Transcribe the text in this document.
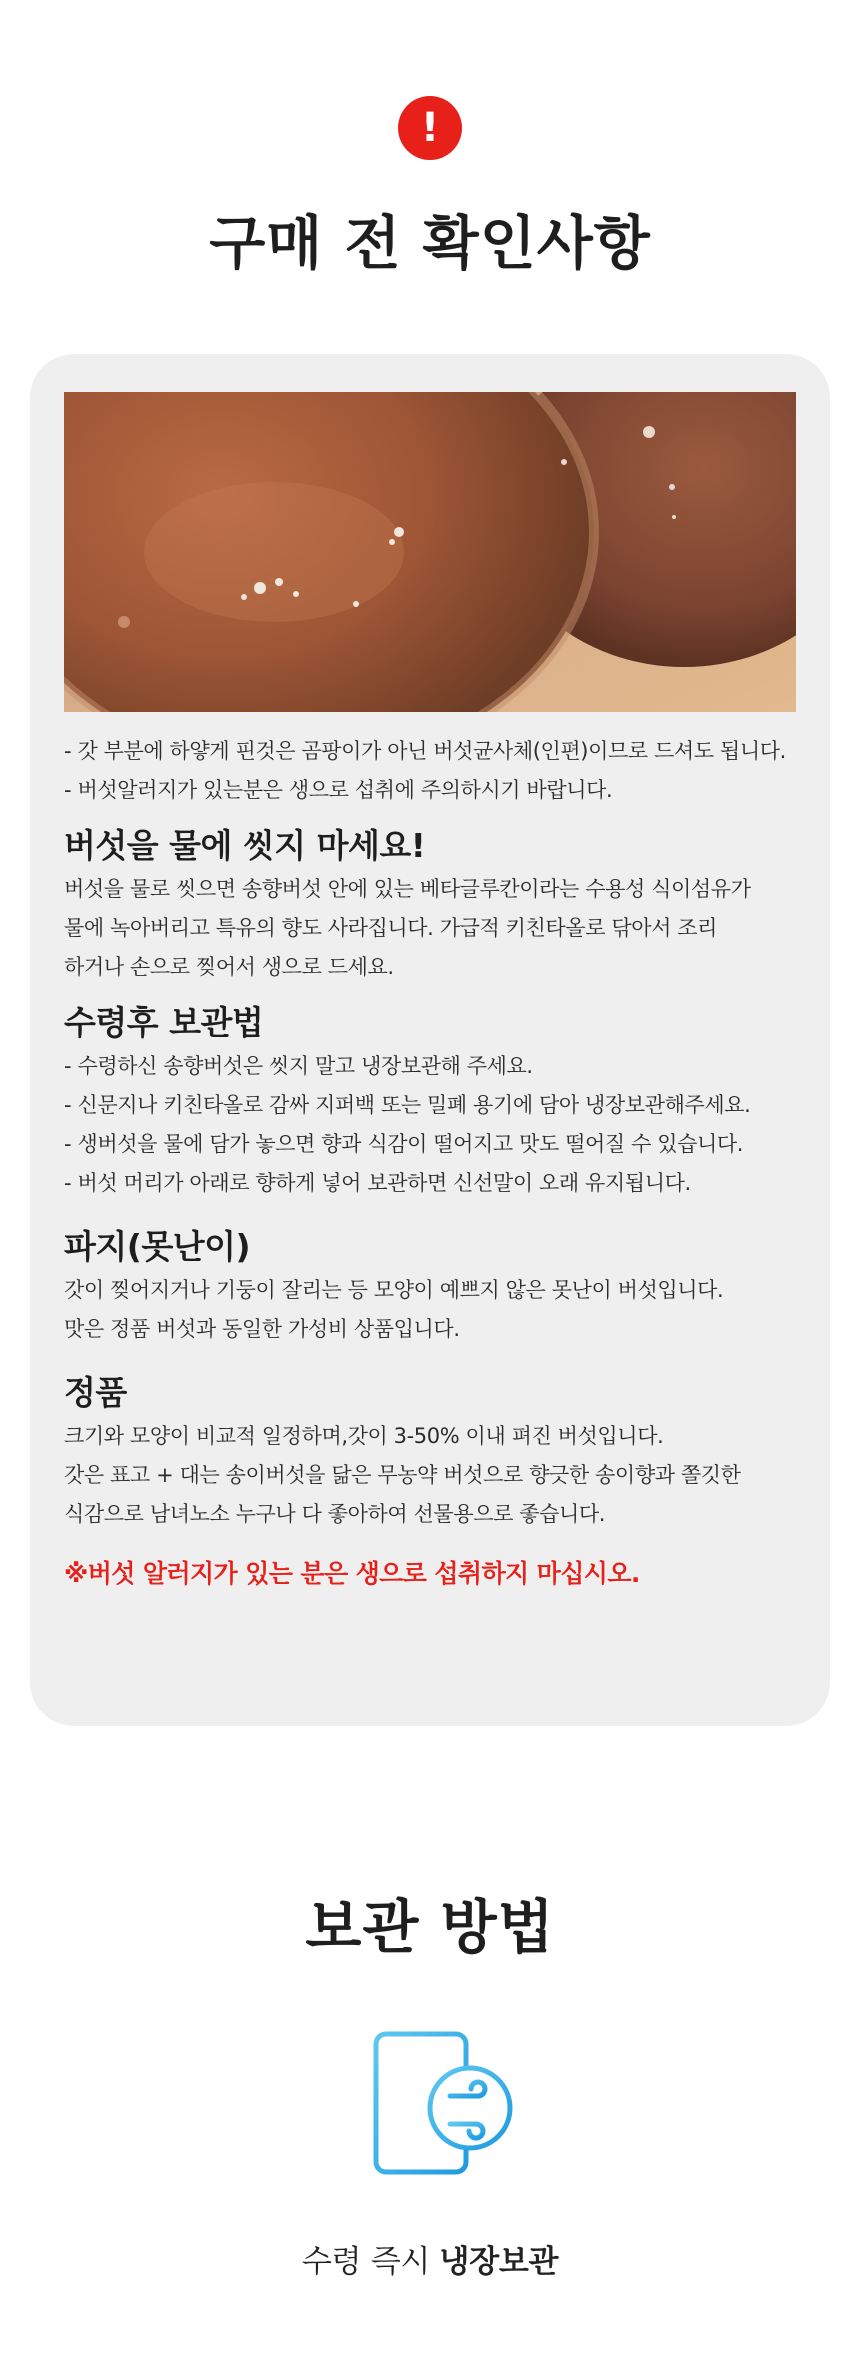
!
구매 전 확인사항
- 갓 부분에 하얗게 핀것은 곰팡이가 아닌 버섯균사체(인편)이므로 드셔도 됩니다.
- 버섯알러지가 있는분은 생으로 섭취에 주의하시기 바랍니다.
버섯을 물에 씻지 마세요!
버섯을 물로 씻으면 송향버섯 안에 있는 베타글루칸이라는 수용성 식이섬유가
물에 녹아버리고 특유의 향도 사라집니다. 가급적 키친타올로 닦아서 조리
하거나 손으로 찢어서 생으로 드세요.
수령후 보관법
- 수령하신 송향버섯은 씻지 말고 냉장보관해 주세요.
- 신문지나 키친타올로 감싸 지퍼백 또는 밀폐 용기에 담아 냉장보관해주세요.
- 생버섯을 물에 담가 놓으면 향과 식감이 떨어지고 맛도 떨어질 수 있습니다.
- 버섯 머리가 아래로 향하게 넣어 보관하면 신선말이 오래 유지됩니다.
파지(못난이)
갓이 찢어지거나 기둥이 잘리는 등 모양이 예쁘지 않은 못난이 버섯입니다.
맛은 정품 버섯과 동일한 가성비 상품입니다.
정품
크기와 모양이 비교적 일정하며,갓이 3-50% 이내 펴진 버섯입니다.
갓은 표고 + 대는 송이버섯을 닮은 무농약 버섯으로 향긋한 송이향과 쫄깃한
식감으로 남녀노소 누구나 다 좋아하여 선물용으로 좋습니다.
※버섯 알러지가 있는 분은 생으로 섭취하지 마십시오.
보관 방법

수령 즉시 냉장보관
